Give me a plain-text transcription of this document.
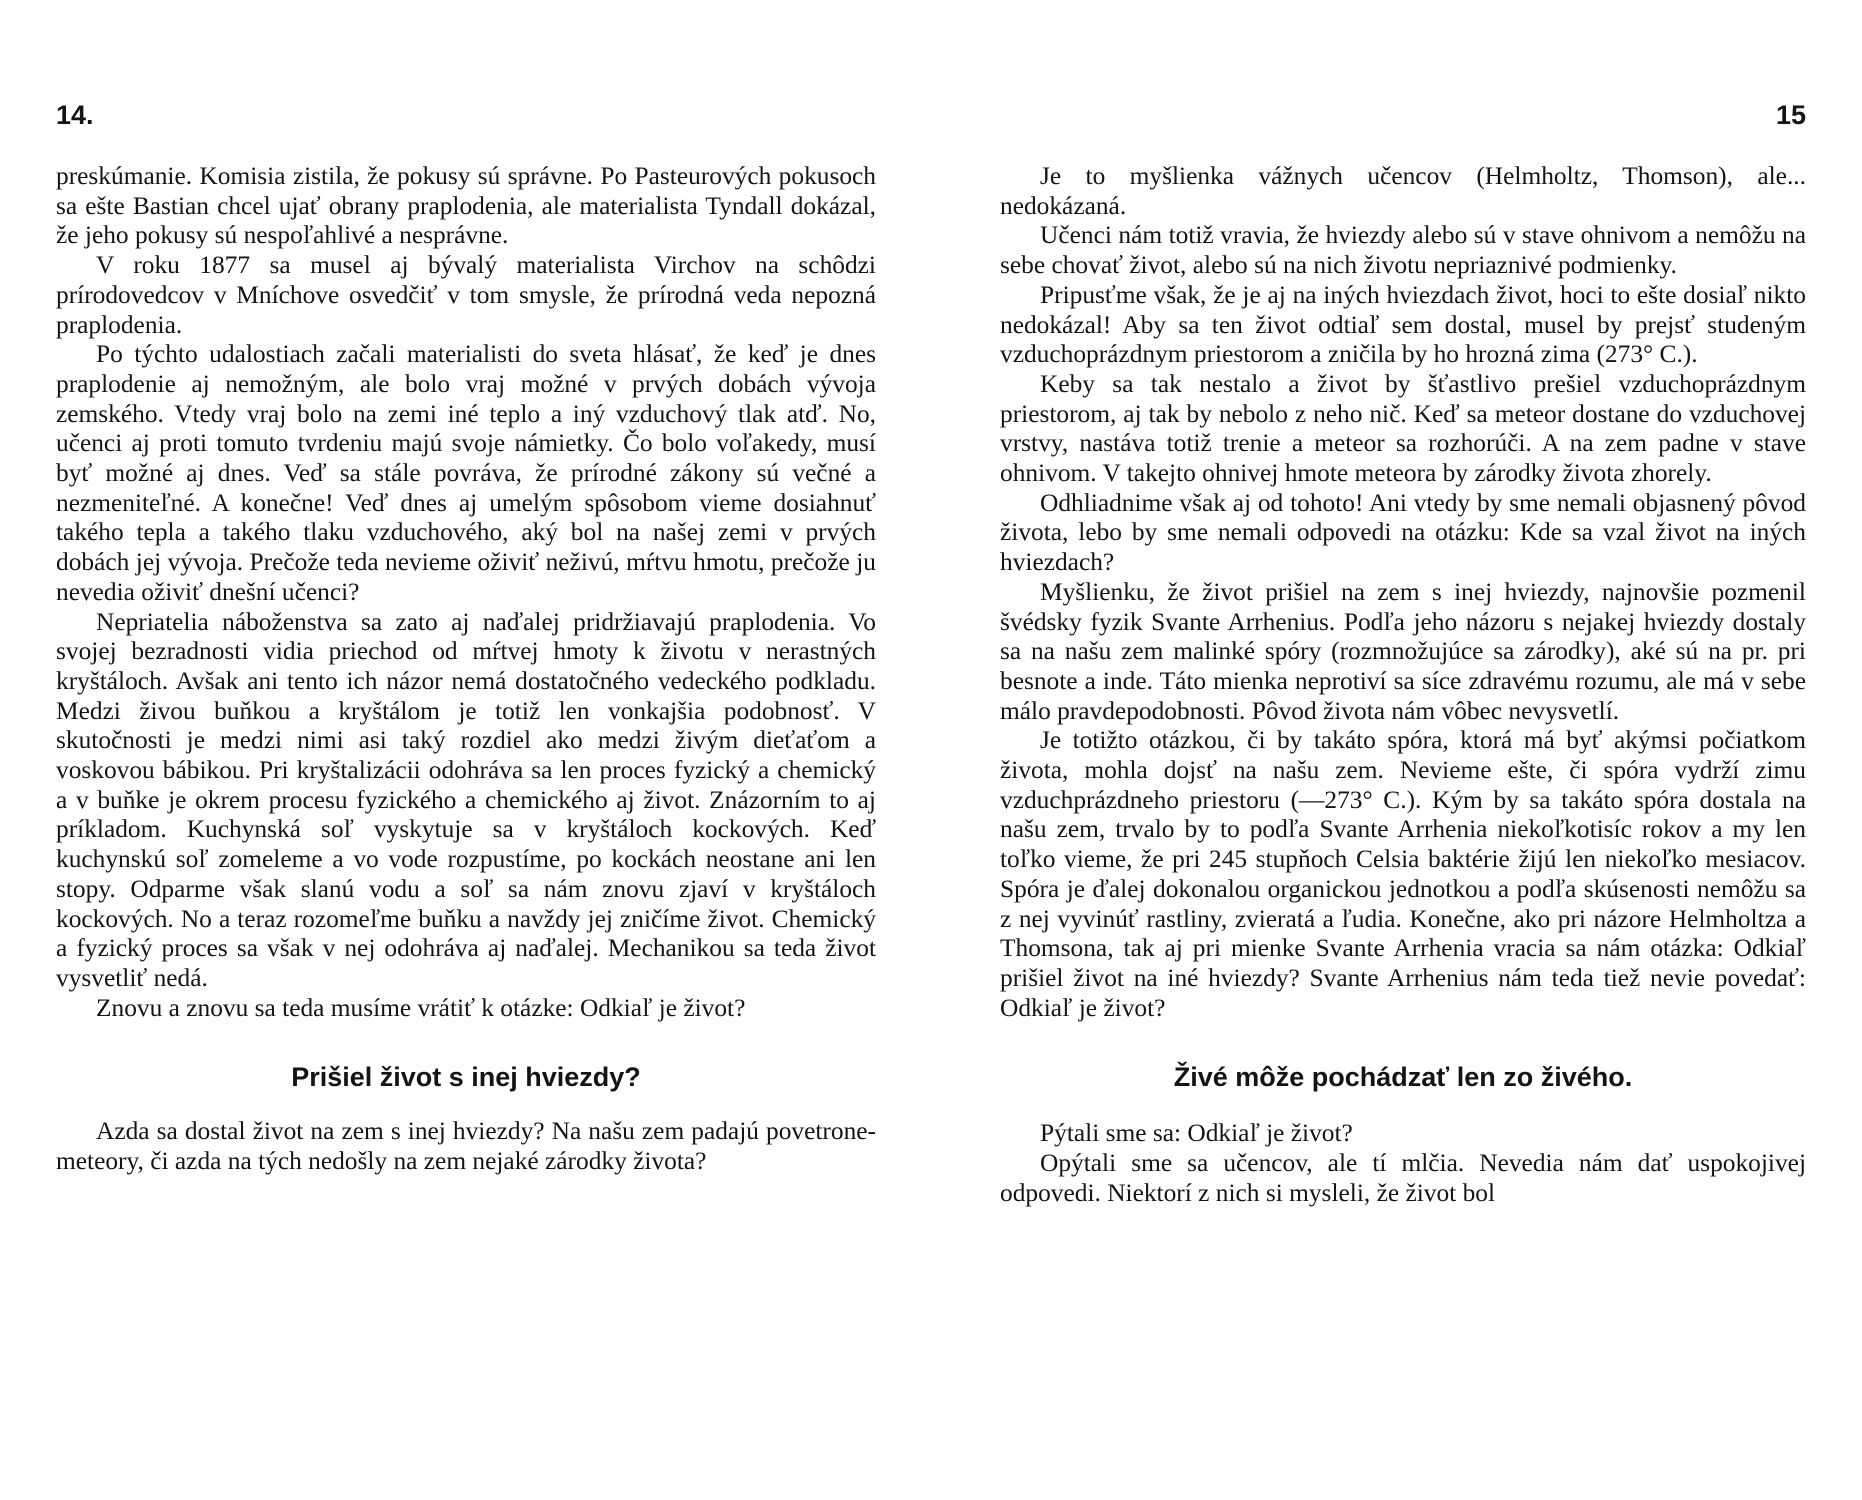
14.

preskúmanie. Komisia zistila, že pokusy sú správne. Po Pasteurových pokusoch sa ešte Bastian chcel ujať obrany praplodenia, ale materialista Tyndall dokázal, že jeho pokusy sú nespoľahlivé a nesprávne.

V roku 1877 sa musel aj bývalý materialista Virchov na schôdzi prírodovedcov v Mníchove osvedčiť v tom smysle, že prírodná veda nepozná praplodenia.

Po týchto udalostiach začali materialisti do sveta hlásať, že keď je dnes praplodenie aj nemožným, ale bolo vraj možné v prvých dobách vývoja zemského. Vtedy vraj bolo na zemi iné teplo a iný vzduchový tlak atď. No, učenci aj proti tomuto tvrdeniu majú svoje námietky. Čo bolo voľakedy, musí byť možné aj dnes. Veď sa stále povráva, že prírodné zákony sú večné a nezmeniteľné. A konečne! Veď dnes aj umelým spôsobom vieme dosiahnuť takého tepla a takého tlaku vzduchového, aký bol na našej zemi v prvých dobách jej vývoja. Prečože teda nevieme oživiť neživú, mŕtvu hmotu, prečože ju nevedia oživiť dnešní učenci?

Nepriatelia náboženstva sa zato aj naďalej pridržiavajú praplodenia. Vo svojej bezradnosti vidia priechod od mŕtvej hmoty k životu v nerastných kryštáloch. Avšak ani tento ich názor nemá dostatočného vedeckého podkladu. Medzi živou buňkou a kryštálom je totiž len vonkajšia podobnosť. V skutočnosti je medzi nimi asi taký rozdiel ako medzi živým dieťaťom a voskovou bábikou. Pri kryštalizácii odohráva sa len proces fyzický a chemický a v buňke je okrem procesu fyzického a chemického aj život. Znázorním to aj príkladom. Kuchynská soľ vyskytuje sa v kryštáloch kockových. Keď kuchynskú soľ zomeleme a vo vode rozpustíme, po kockách neostane ani len stopy. Odparme však slanú vodu a soľ sa nám znovu zjaví v kryštáloch kockových. No a teraz rozomeľme buňku a navždy jej zničíme život. Chemický a fyzický proces sa však v nej odohráva aj naďalej. Mechanikou sa teda život vysvetliť nedá.

Znovu a znovu sa teda musíme vrátiť k otázke: Odkiaľ je život?

Prišiel život s inej hviezdy?

Azda sa dostal život na zem s inej hviezdy? Na našu zem padajú povetrone-meteory, či azda na tých nedošly na zem nejaké zárodky života?

15

Je to myšlienka vážnych učencov (Helmholtz, Thomson), ale... nedokázaná.

Učenci nám totiž vravia, že hviezdy alebo sú v stave ohnivom a nemôžu na sebe chovať život, alebo sú na nich životu nepriaznivé podmienky.

Pripusťme však, že je aj na iných hviezdach život, hoci to ešte dosiaľ nikto nedokázal! Aby sa ten život odtiaľ sem dostal, musel by prejsť studeným vzduchoprázdnym priestorom a zničila by ho hrozná zima (273° C.).

Keby sa tak nestalo a život by šťastlivo prešiel vzduchoprázdnym priestorom, aj tak by nebolo z neho nič. Keď sa meteor dostane do vzduchovej vrstvy, nastáva totiž trenie a meteor sa rozhorúči. A na zem padne v stave ohnivom. V takejto ohnivej hmote meteora by zárodky života zhorely.

Odhliadnime však aj od tohoto! Ani vtedy by sme nemali objasnený pôvod života, lebo by sme nemali odpovedi na otázku: Kde sa vzal život na iných hviezdach?

Myšlienku, že život prišiel na zem s inej hviezdy, najnovšie pozmenil švédsky fyzik Svante Arrhenius. Podľa jeho názoru s nejakej hviezdy dostaly sa na našu zem malinké spóry (rozmnožujúce sa zárodky), aké sú na pr. pri besnote a inde. Táto mienka neprotiví sa síce zdravému rozumu, ale má v sebe málo pravdepodobnosti. Pôvod života nám vôbec nevysvetlí.

Je totižto otázkou, či by takáto spóra, ktorá má byť akýmsi počiatkom života, mohla dojsť na našu zem. Nevieme ešte, či spóra vydrží zimu vzduchprázdneho priestoru (—273° C.). Kým by sa takáto spóra dostala na našu zem, trvalo by to podľa Svante Arrhenia niekoľkotisíc rokov a my len toľko vieme, že pri 245 stupňoch Celsia baktérie žijú len niekoľko mesiacov. Spóra je ďalej dokonalou organickou jednotkou a podľa skúsenosti nemôžu sa z nej vyvinúť rastliny, zvieratá a ľudia. Konečne, ako pri názore Helmholtza a Thomsona, tak aj pri mienke Svante Arrhenia vracia sa nám otázka: Odkiaľ prišiel život na iné hviezdy? Svante Arrhenius nám teda tiež nevie povedať: Odkiaľ je život?

Živé môže pochádzať len zo živého.

Pýtali sme sa: Odkiaľ je život?

Opýtali sme sa učencov, ale tí mlčia. Nevedia nám dať uspokojivej odpovedi. Niektorí z nich si mysleli, že život bol
